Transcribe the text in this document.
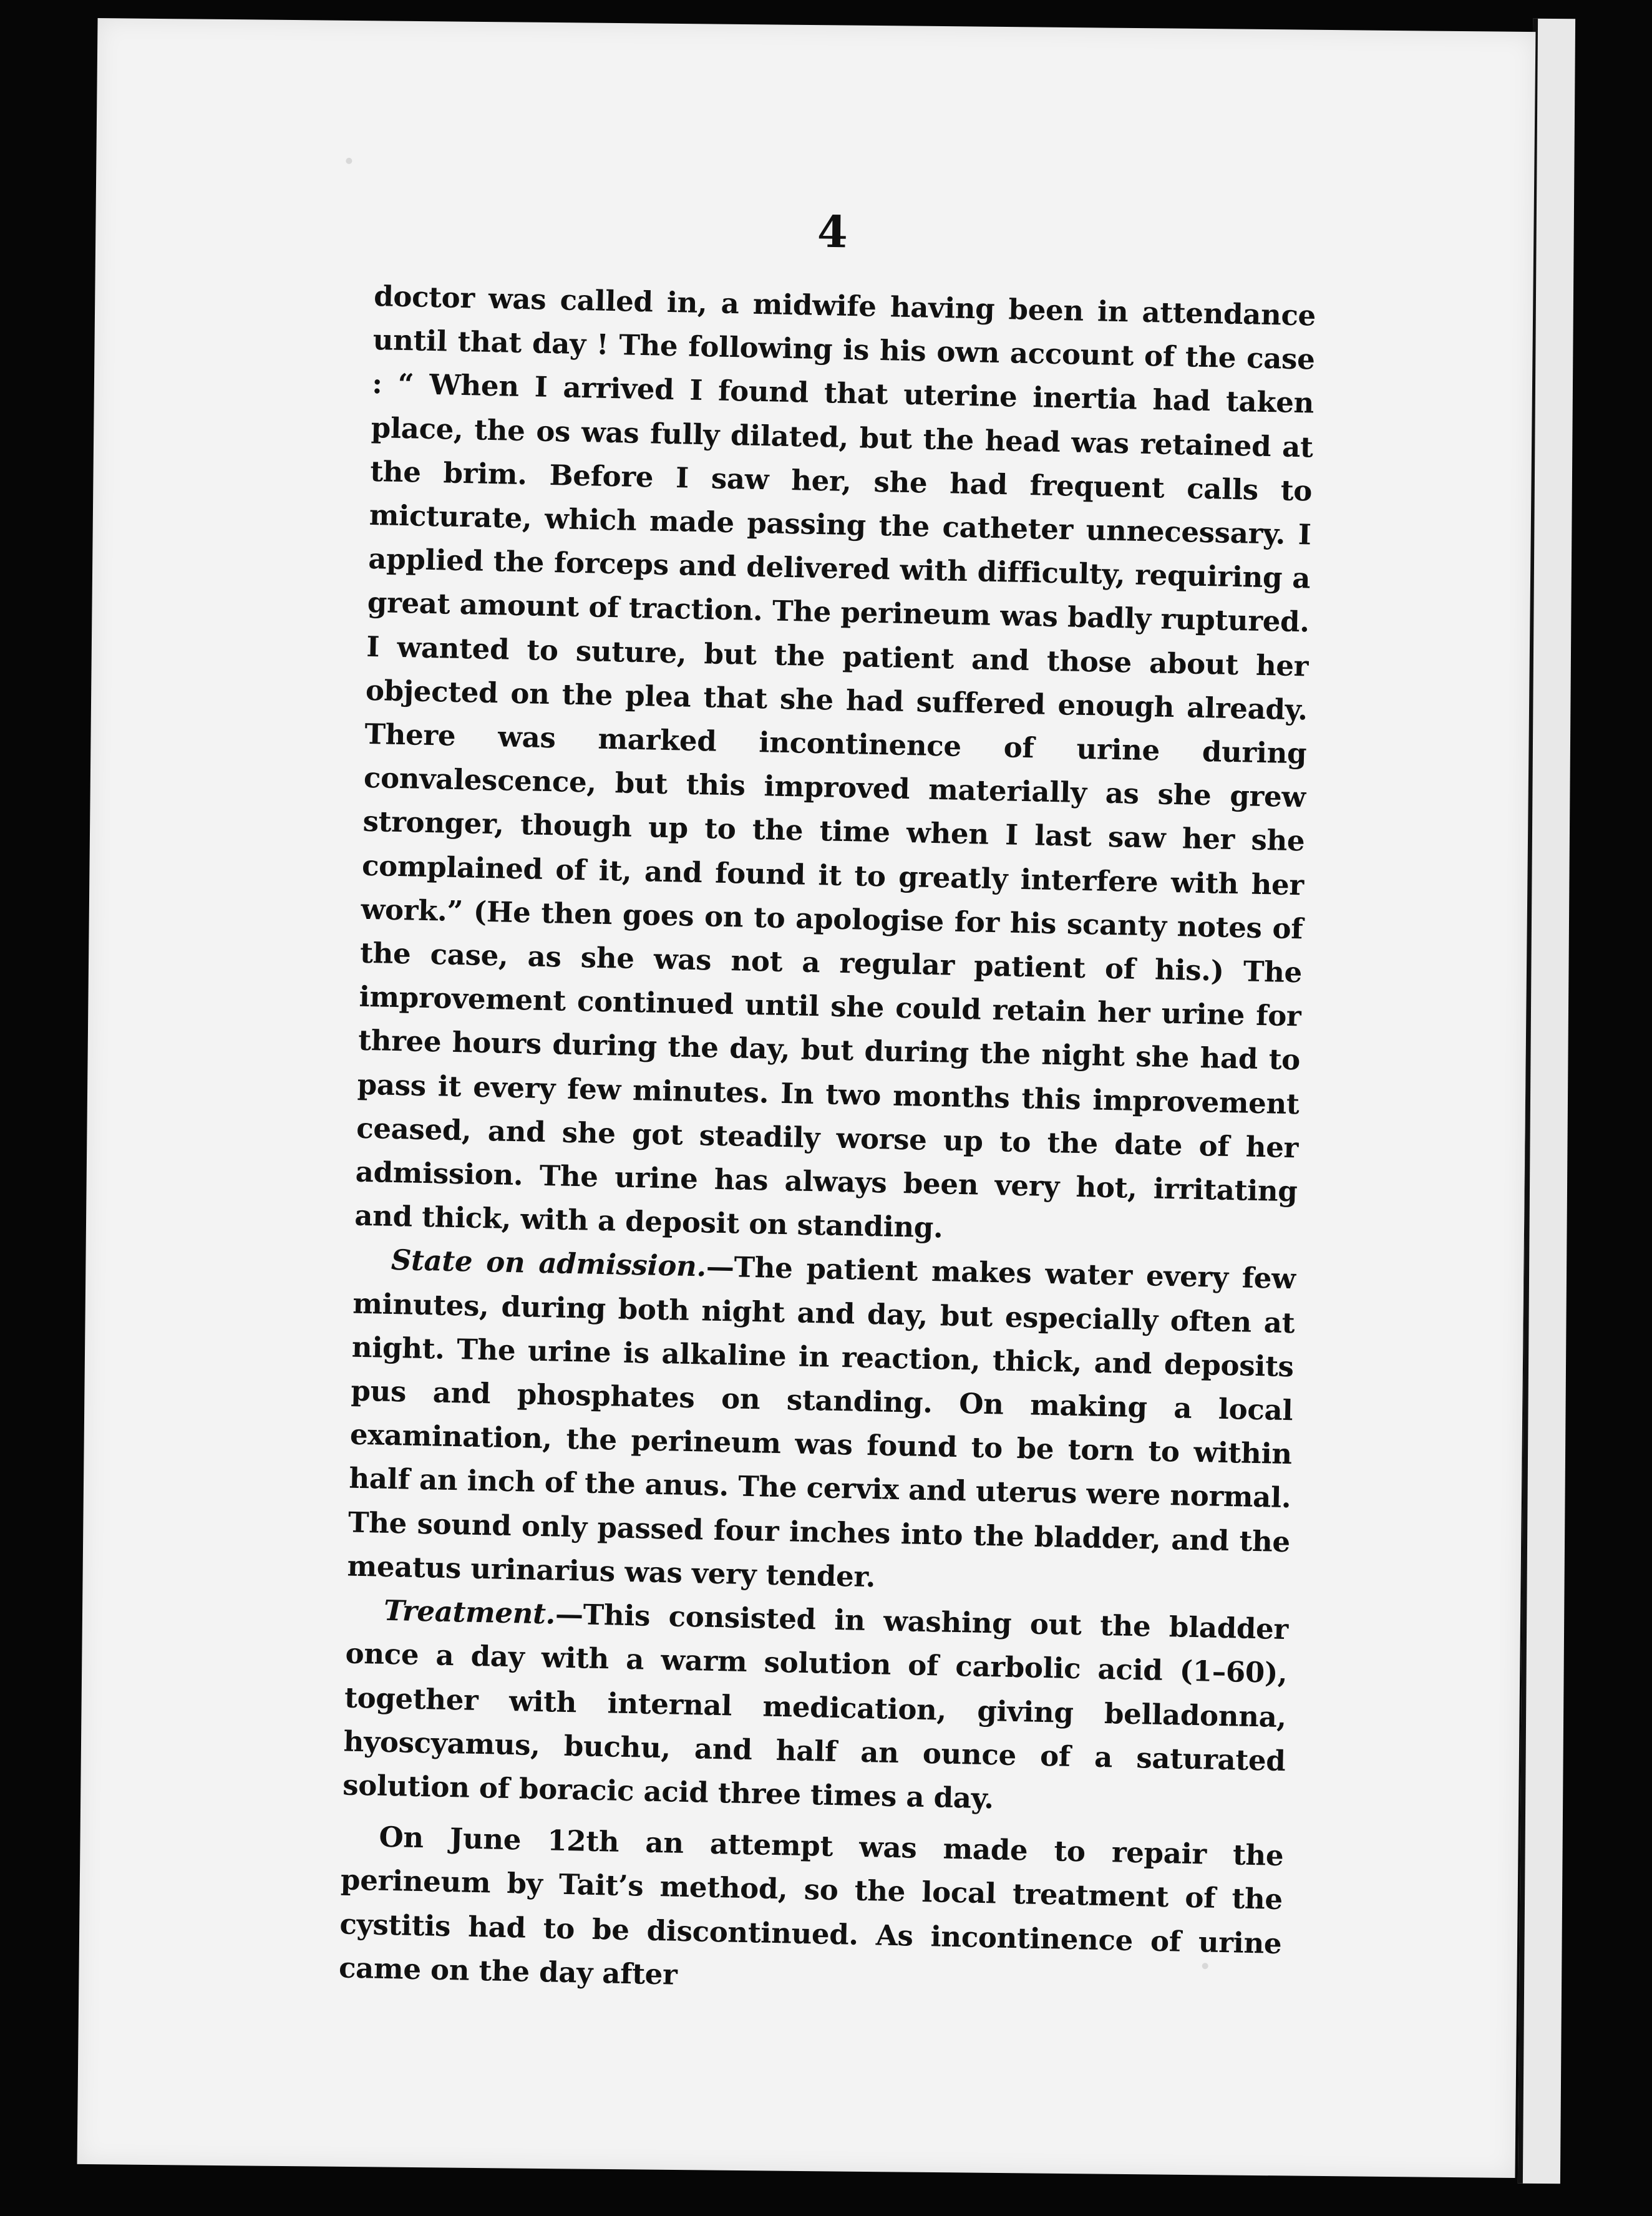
4

doctor was called in, a midwife having been in attendance until that day ! The following is his own account of the case : “ When I arrived I found that uterine inertia had taken place, the os was fully dilated, but the head was retained at the brim. Before I saw her, she had frequent calls to micturate, which made passing the catheter unnecessary. I applied the forceps and delivered with difficulty, requiring a great amount of traction. The perineum was badly ruptured. I wanted to suture, but the patient and those about her objected on the plea that she had suffered enough already. There was marked incontinence of urine during convalescence, but this improved materially as she grew stronger, though up to the time when I last saw her she complained of it, and found it to greatly interfere with her work.” (He then goes on to apologise for his scanty notes of the case, as she was not a regular patient of his.) The improvement continued until she could retain her urine for three hours during the day, but during the night she had to pass it every few minutes. In two months this improvement ceased, and she got steadily worse up to the date of her admission. The urine has always been very hot, irritating and thick, with a deposit on standing.

State on admission.—The patient makes water every few minutes, during both night and day, but especially often at night. The urine is alkaline in reaction, thick, and deposits pus and phosphates on standing. On making a local examination, the perineum was found to be torn to within half an inch of the anus. The cervix and uterus were normal. The sound only passed four inches into the bladder, and the meatus urinarius was very tender.

Treatment.—This consisted in washing out the bladder once a day with a warm solution of carbolic acid (1–60), together with internal medication, giving belladonna, hyoscyamus, buchu, and half an ounce of a saturated solution of boracic acid three times a day.

On June 12th an attempt was made to repair the perineum by Tait’s method, so the local treatment of the cystitis had to be discontinued. As incontinence of urine came on the day after
